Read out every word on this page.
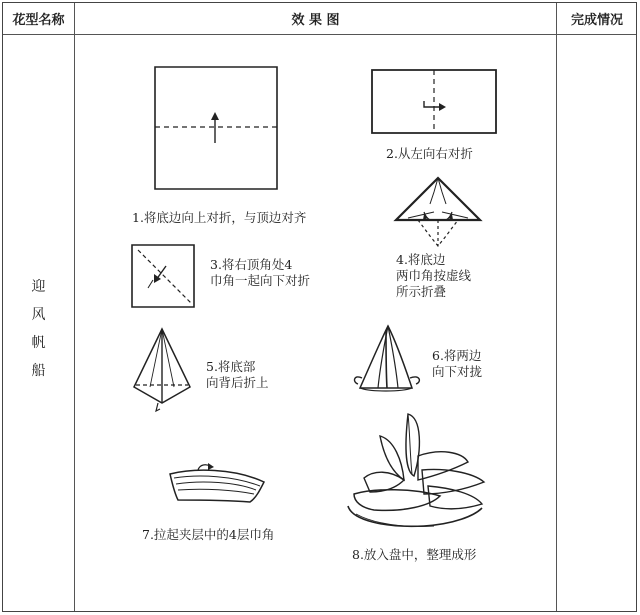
花型名称	效 果 图	完成情况
迎
风
帆
船
1.将底边向上对折，与顶边对齐
2.从左向右对折
3.将右顶角处4
巾角一起向下对折
4.将底边
两巾角按虚线
所示折叠
5.将底部
向背后折上
6.将两边
向下对拢
7.拉起夹层中的4层巾角
8.放入盘中，整理成形
